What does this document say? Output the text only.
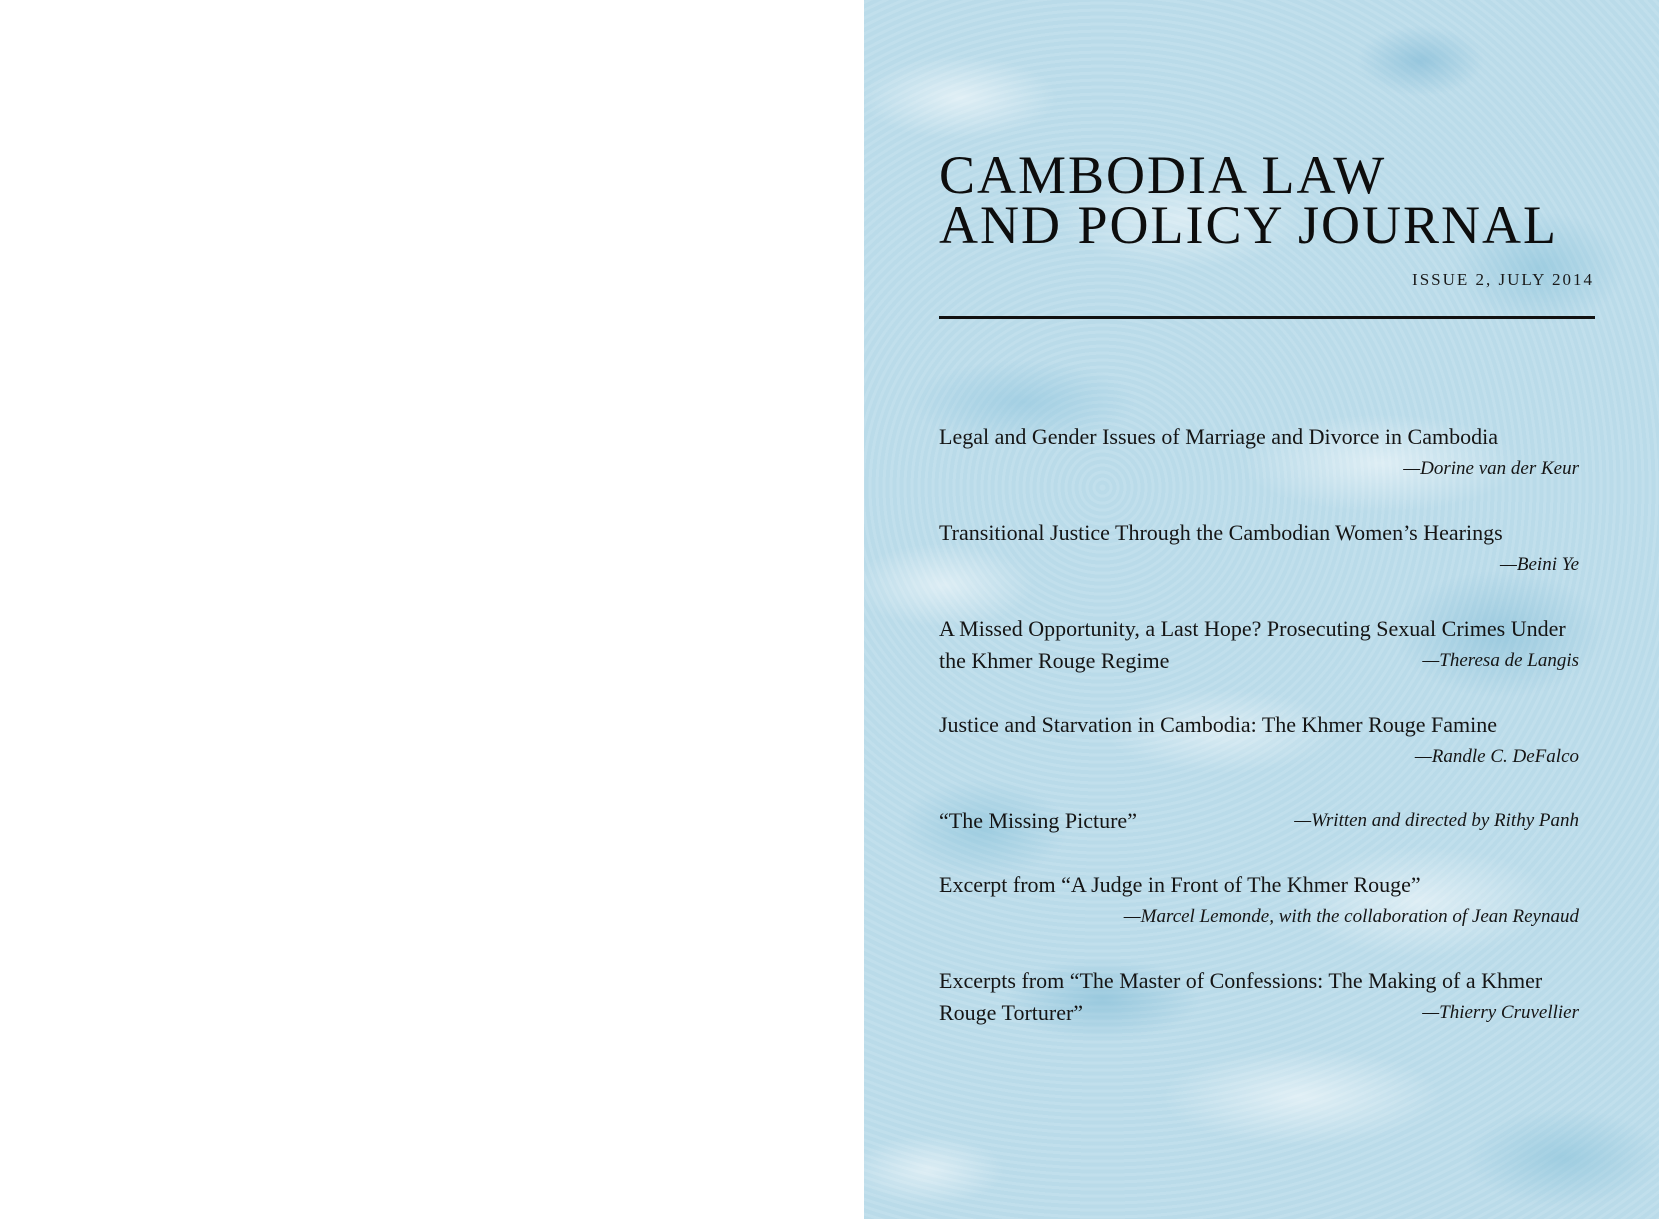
CAMBODIA LAW
AND POLICY JOURNAL
ISSUE 2, JULY 2014
Legal and Gender Issues of Marriage and Divorce in Cambodia
—Dorine van der Keur
Transitional Justice Through the Cambodian Women’s Hearings
—Beini Ye
A Missed Opportunity, a Last Hope? Prosecuting Sexual Crimes Under
the Khmer Rouge Regime	—Theresa de Langis
Justice and Starvation in Cambodia: The Khmer Rouge Famine
—Randle C. DeFalco
“The Missing Picture”	—Written and directed by Rithy Panh
Excerpt from “A Judge in Front of The Khmer Rouge”
—Marcel Lemonde, with the collaboration of Jean Reynaud
Excerpts from “The Master of Confessions: The Making of a Khmer
Rouge Torturer”	—Thierry Cruvellier
